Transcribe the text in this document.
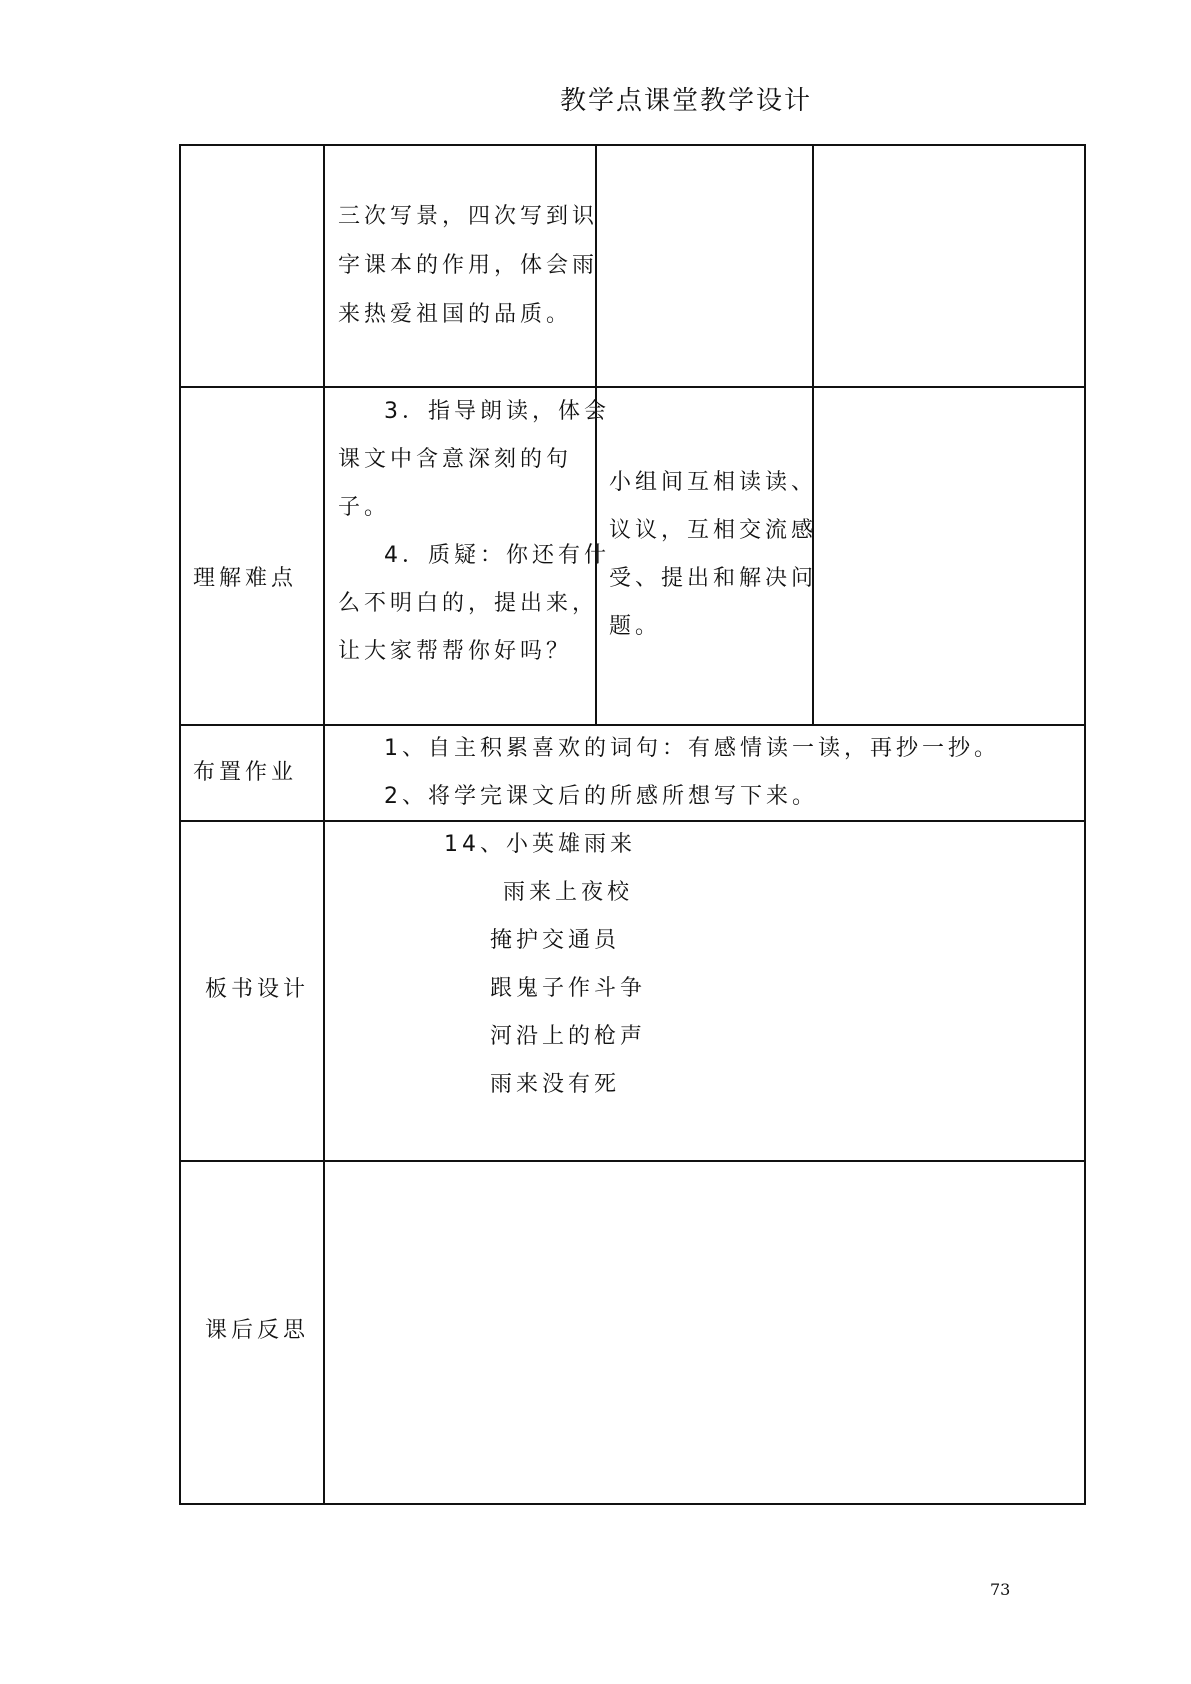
教学点课堂教学设计
三次写景，四次写到识
字课本的作用，体会雨
来热爱祖国的品质。
理解难点
3．指导朗读，体会
课文中含意深刻的句
子。
4．质疑：你还有什
么不明白的，提出来，
让大家帮帮你好吗？
小组间互相读读、
议议，互相交流感
受、提出和解决问
题。
布置作业
1、自主积累喜欢的词句：有感情读一读，再抄一抄。
2、将学完课文后的所感所想写下来。
板书设计
14、小英雄雨来
雨来上夜校
掩护交通员
跟鬼子作斗争
河沿上的枪声
雨来没有死
课后反思
73
